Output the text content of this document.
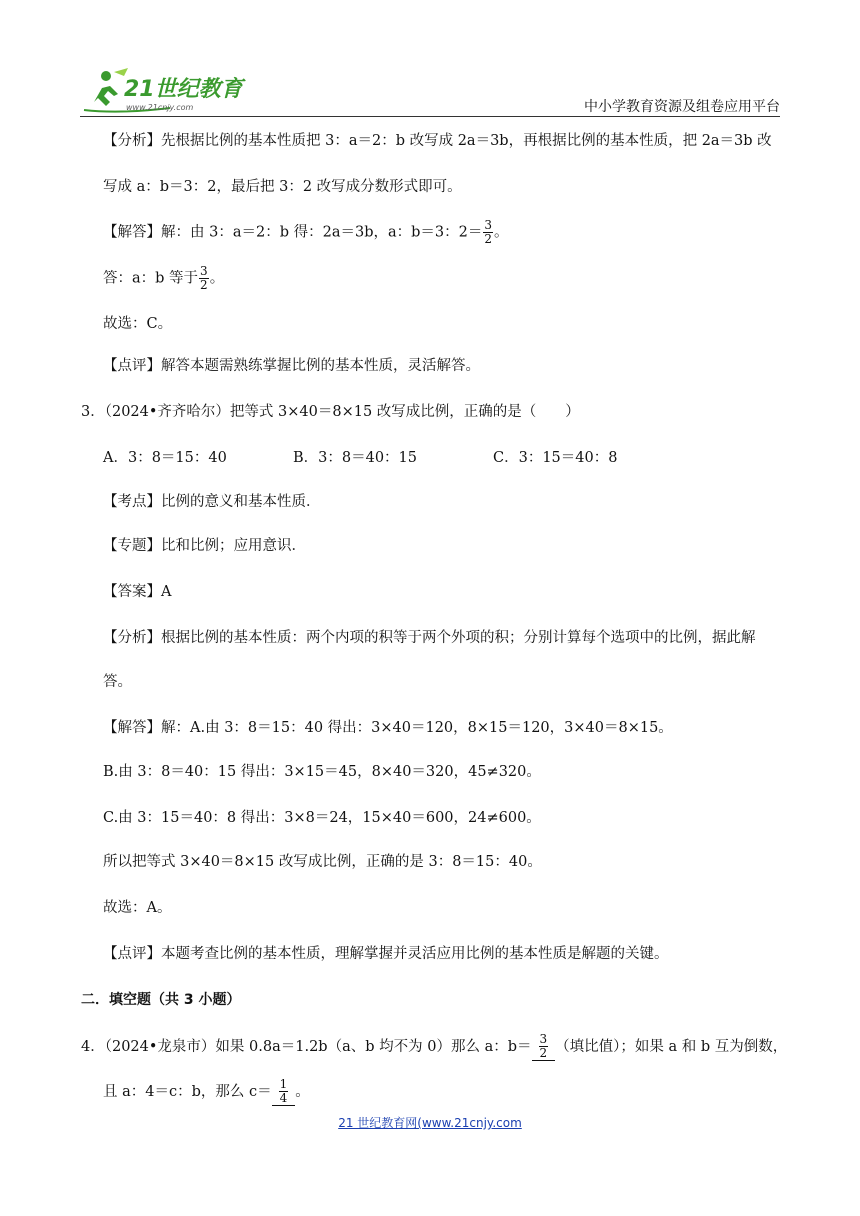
21世纪教育
www.21cnjy.com	中小学教育资源及组卷应用平台
【分析】先根据比例的基本性质把 3：a＝2：b 改写成 2a＝3b，再根据比例的基本性质，把 2a＝3b 改
写成 a：b＝3：2，最后把 3：2 改写成分数形式即可。
【解答】解：由 3：a＝2：b 得：2a＝3b，a：b＝3：$2= \frac{3}{2}$ 。
答：a：b 等于 $\frac{3}{2}$ 。
故选：C。
【点评】解答本题需熟练掌握比例的基本性质，灵活解答。
3．（2024•齐齐哈尔）把等式 3×40＝8×15 改写成比例，正确的是（　　）
A．3：8＝15：40	B．3：8＝40：15	C．3：15＝40：8
【考点】比例的意义和基本性质．
【专题】比和比例；应用意识．
【答案】A
【分析】根据比例的基本性质：两个内项的积等于两个外项的积；分别计算每个选项中的比例，据此解
答。
【解答】解：A.由 3：8＝15：40 得出：3×40＝120，8×15＝120，3×40＝8×15。
B.由 3：8＝40：15 得出：3×15＝45，8×40＝320，45≠320。
C.由 3：15＝40：8 得出：3×8＝24，15×40＝600，24≠600。
所以把等式 3×40＝8×15 改写成比例，正确的是 3：8＝15：40。
故选：A。
【点评】本题考查比例的基本性质，理解掌握并灵活应用比例的基本性质是解题的关键。
二．填空题（共 3 小题）
4．（2024•龙泉市）如果 0.8a＝1.2b（a、b 均不为 0）那么 a：$b= \frac{3}{2}$ （填比值）；如果 a 和 b 互为倒数，
且 a：4＝c：b，那么 $c= \frac{1}{4}$ 。
21 世纪教育网(www.21cnjy.com
